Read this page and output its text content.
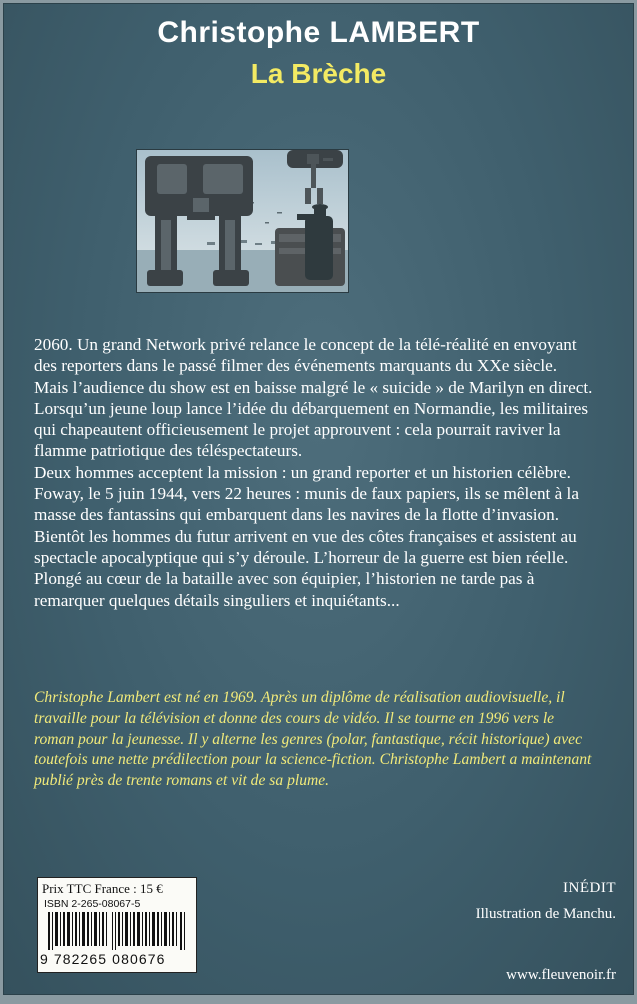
Christophe LAMBERT
La Brèche

2060. Un grand Network privé relance le concept de la télé-réalité en envoyant des reporters dans le passé filmer des événements marquants du XXe siècle.

Mais l’audience du show est en baisse malgré le « suicide » de Marilyn en direct. Lorsqu’un jeune loup lance l’idée du débarquement en Normandie, les militaires qui chapeautent officieusement le projet approuvent : cela pourrait raviver la flamme patriotique des téléspectateurs.

Deux hommes acceptent la mission : un grand reporter et un historien célèbre.

Foway, le 5 juin 1944, vers 22 heures : munis de faux papiers, ils se mêlent à la masse des fantassins qui embarquent dans les navires de la flotte d’invasion. Bientôt les hommes du futur arrivent en vue des côtes françaises et assistent au spectacle apocalyptique qui s’y déroule. L’horreur de la guerre est bien réelle. Plongé au cœur de la bataille avec son équipier, l’historien ne tarde pas à remarquer quelques détails singuliers et inquiétants...

Christophe Lambert est né en 1969. Après un diplôme de réalisation audiovisuelle, il travaille pour la télévision et donne des cours de vidéo. Il se tourne en 1996 vers le roman pour la jeunesse. Il y alterne les genres (polar, fantastique, récit historique) avec toutefois une nette prédilection pour la science-fiction. Christophe Lambert a maintenant publié près de trente romans et vit de sa plume.
Prix TTC France : 15 €
ISBN 2-265-08067-5
9 782265 080676
INÉDIT
Illustration de Manchu.
www.fleuvenoir.fr
